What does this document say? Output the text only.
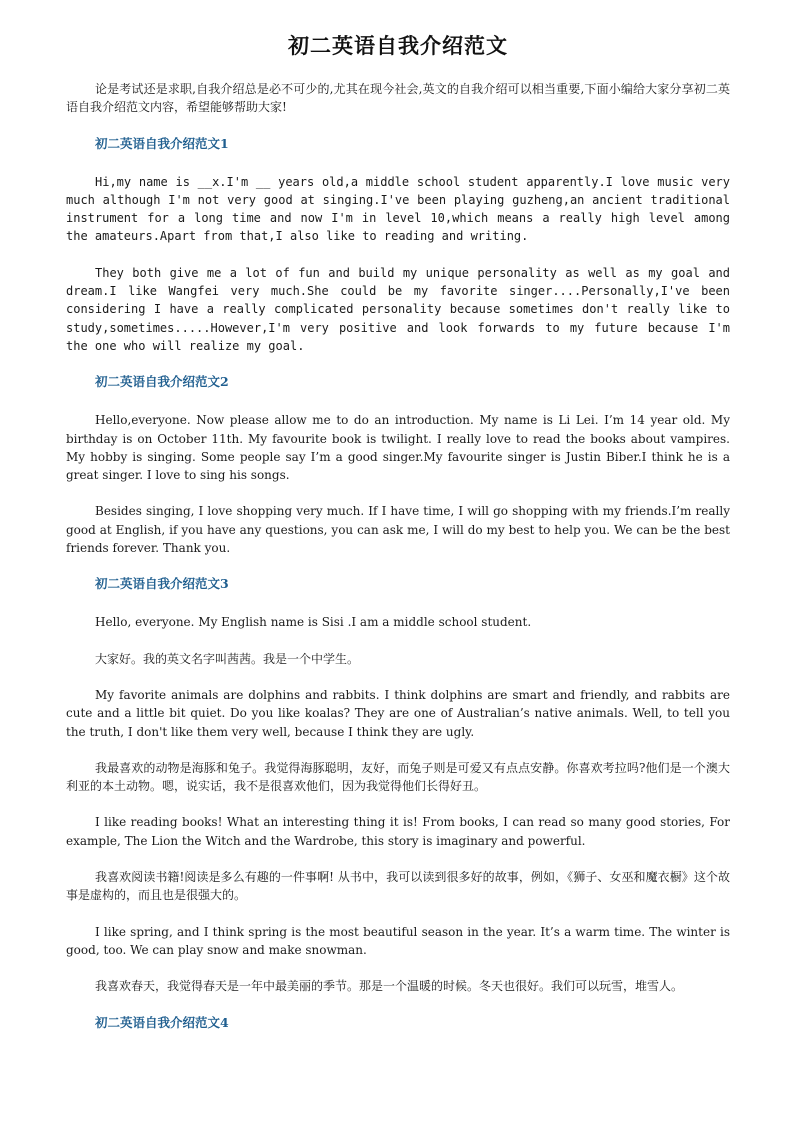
初二英语自我介绍范文

论是考试还是求职,自我介绍总是必不可少的,尤其在现今社会,英文的自我介绍可以相当重要,下面小编给大家分享初二英语自我介绍范文内容，希望能够帮助大家!

初二英语自我介绍范文1

Hi,my name is __x.I'm __ years old,a middle school student apparently.I love music very much although I'm not very good at singing.I've been playing guzheng,an ancient traditional instrument for a long time and now I'm in level 10,which means a really high level among the amateurs.Apart from that,I also like to reading and writing.

They both give me a lot of fun and build my unique personality as well as my goal and dream.I like Wangfei very much.She could be my favorite singer....Personally,I've been considering I have a really complicated personality because sometimes don't really like to study,sometimes.....However,I'm very positive and look forwards to my future because I'm the one who will realize my goal.

初二英语自我介绍范文2

Hello,everyone. Now please allow me to do an introduction. My name is Li Lei. I’m 14 year old. My birthday is on October 11th. My favourite book is twilight. I really love to read the books about vampires. My hobby is singing. Some people say I’m a good singer.My favourite singer is Justin Biber.I think he is a great singer. I love to sing his songs.

Besides singing, I love shopping very much. If I have time, I will go shopping with my friends.I’m really good at English, if you have any questions, you can ask me, I will do my best to help you. We can be the best friends forever. Thank you.

初二英语自我介绍范文3

Hello, everyone. My English name is Sisi .I am a middle school student.

大家好。我的英文名字叫茜茜。我是一个中学生。

My favorite animals are dolphins and rabbits. I think dolphins are smart and friendly, and rabbits are cute and a little bit quiet. Do you like koalas? They are one of Australian’s native animals. Well, to tell you the truth, I don't like them very well, because I think they are ugly.

我最喜欢的动物是海豚和兔子。我觉得海豚聪明，友好，而兔子则是可爱又有点点安静。你喜欢考拉吗?他们是一个澳大利亚的本土动物。嗯，说实话，我不是很喜欢他们，因为我觉得他们长得好丑。

I like reading books! What an interesting thing it is! From books, I can read so many good stories, For example, The Lion the Witch and the Wardrobe, this story is imaginary and powerful.

我喜欢阅读书籍!阅读是多么有趣的一件事啊! 从书中，我可以读到很多好的故事，例如，《狮子、女巫和魔衣橱》这个故事是虚构的，而且也是很强大的。

I like spring, and I think spring is the most beautiful season in the year. It’s a warm time. The winter is good, too. We can play snow and make snowman.

我喜欢春天，我觉得春天是一年中最美丽的季节。那是一个温暖的时候。冬天也很好。我们可以玩雪，堆雪人。

初二英语自我介绍范文4
